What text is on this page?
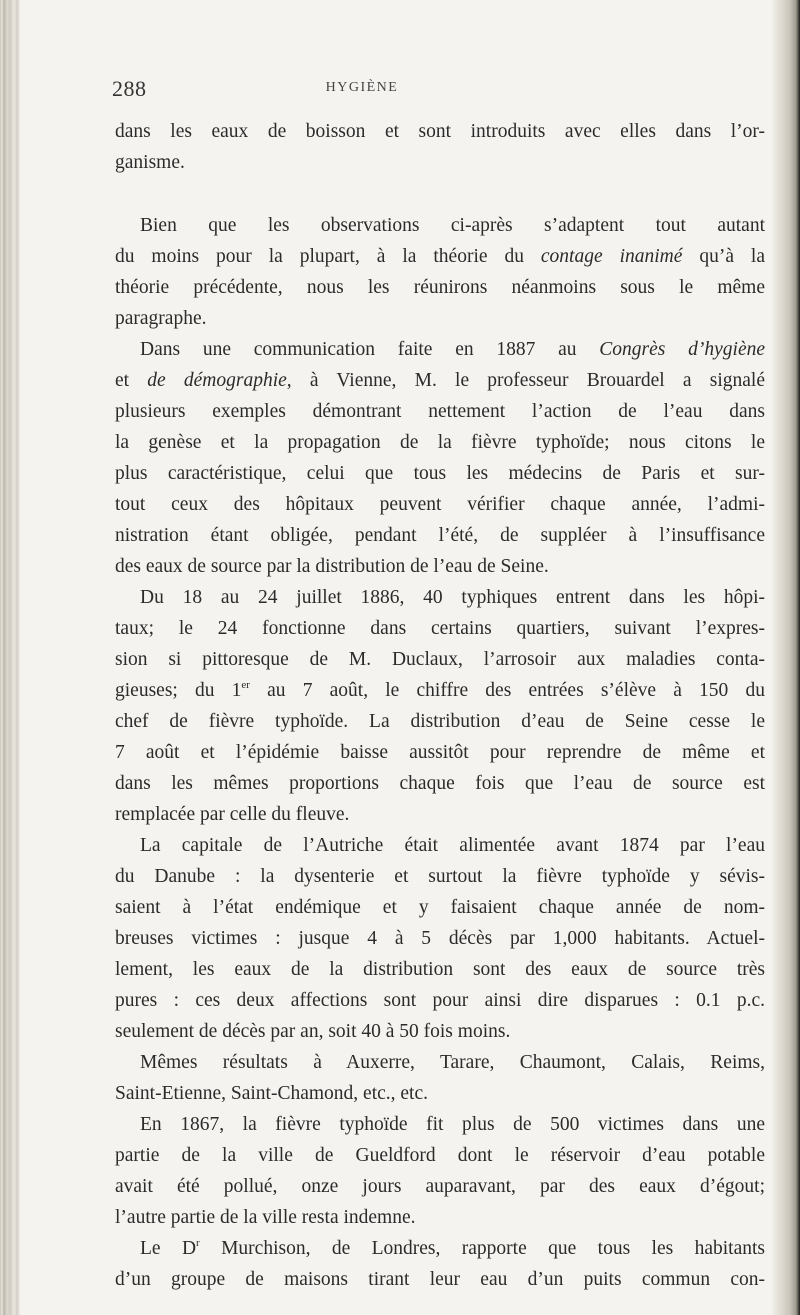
288	HYGIÈNE
dans les eaux de boisson et sont introduits avec elles dans l’or-
ganisme.
Bien que les observations ci-après s’adaptent tout autant
du moins pour la plupart, à la théorie du contage inanimé qu’à la
théorie précédente, nous les réunirons néanmoins sous le même
paragraphe.
Dans une communication faite en 1887 au Congrès d’hygiène
et de démographie, à Vienne, M. le professeur Brouardel a signalé
plusieurs exemples démontrant nettement l’action de l’eau dans
la genèse et la propagation de la fièvre typhoïde; nous citons le
plus caractéristique, celui que tous les médecins de Paris et sur-
tout ceux des hôpitaux peuvent vérifier chaque année, l’admi-
nistration étant obligée, pendant l’été, de suppléer à l’insuffisance
des eaux de source par la distribution de l’eau de Seine.
Du 18 au 24 juillet 1886, 40 typhiques entrent dans les hôpi-
taux; le 24 fonctionne dans certains quartiers, suivant l’expres-
sion si pittoresque de M. Duclaux, l’arrosoir aux maladies conta-
gieuses; du 1er au 7 août, le chiffre des entrées s’élève à 150 du
chef de fièvre typhoïde. La distribution d’eau de Seine cesse le
7 août et l’épidémie baisse aussitôt pour reprendre de même et
dans les mêmes proportions chaque fois que l’eau de source est
remplacée par celle du fleuve.
La capitale de l’Autriche était alimentée avant 1874 par l’eau
du Danube : la dysenterie et surtout la fièvre typhoïde y sévis-
saient à l’état endémique et y faisaient chaque année de nom-
breuses victimes : jusque 4 à 5 décès par 1,000 habitants. Actuel-
lement, les eaux de la distribution sont des eaux de source très
pures : ces deux affections sont pour ainsi dire disparues : 0.1 p.c.
seulement de décès par an, soit 40 à 50 fois moins.
Mêmes résultats à Auxerre, Tarare, Chaumont, Calais, Reims,
Saint-Etienne, Saint-Chamond, etc., etc.
En 1867, la fièvre typhoïde fit plus de 500 victimes dans une
partie de la ville de Gueldford dont le réservoir d’eau potable
avait été pollué, onze jours auparavant, par des eaux d’égout;
l’autre partie de la ville resta indemne.
Le $D^r$ Murchison, de Londres, rapporte que tous les habitants
d’un groupe de maisons tirant leur eau d’un puits commun con-
